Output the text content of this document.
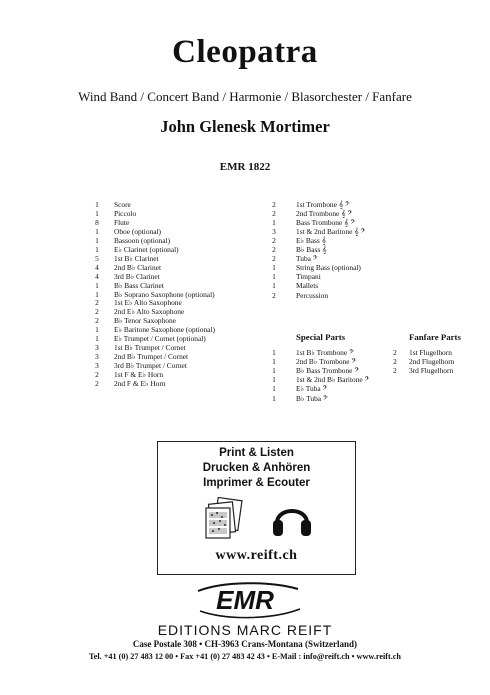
Cleopatra
Wind Band / Concert Band / Harmonie / Blasorchester / Fanfare
John Glenesk Mortimer
EMR 1822
1	Score
1	Piccolo
8	Flute
1	Oboe (optional)
1	Bassoon (optional)
1	E♭ Clarinet (optional)
5	1st B♭ Clarinet
4	2nd B♭ Clarinet
4	3rd B♭ Clarinet
1	B♭ Bass Clarinet
1	B♭ Soprano Saxophone (optional)
2	1st E♭ Alto Saxophone
2	2nd E♭ Alto Saxophone
2	B♭ Tenor Saxophone
1	E♭ Baritone Saxophone (optional)
1	E♭ Trumpet / Cornet (optional)
3	1st B♭ Trumpet / Cornet
3	2nd B♭ Trumpet / Cornet
3	3rd B♭ Trumpet / Cornet
2	1st F & E♭ Horn
2	2nd F & E♭ Horn
2	1st Trombone 𝄞 𝄢
2	2nd Trombone 𝄞 𝄢
1	Bass Trombone 𝄞 𝄢
3	1st & 2nd Baritone 𝄞 𝄢
2	E♭ Bass 𝄞
2	B♭ Bass 𝄞
2	Tuba 𝄢
1	String Bass (optional)
1	Timpani
1	Mallets
2	Percussion
Special Parts
1	1st B♭ Trombone 𝄢
1	2nd B♭ Trombone 𝄢
1	B♭ Bass Trombone 𝄢
1	1st & 2nd B♭ Baritone 𝄢
1	E♭ Tuba 𝄢
1	B♭ Tuba 𝄢
Fanfare Parts
2	1st Flugelhorn
2	2nd Flugelhorn
2	3rd Flugelhorn
Print & Listen
Drucken & Anhören
Imprimer & Ecouter
www.reift.ch
EMR
EDITIONS MARC REIFT
Case Postale 308 • CH-3963 Crans-Montana (Switzerland)
Tel. +41 (0) 27 483 12 00 • Fax +41 (0) 27 483 42 43 • E-Mail : info@reift.ch • www.reift.ch
